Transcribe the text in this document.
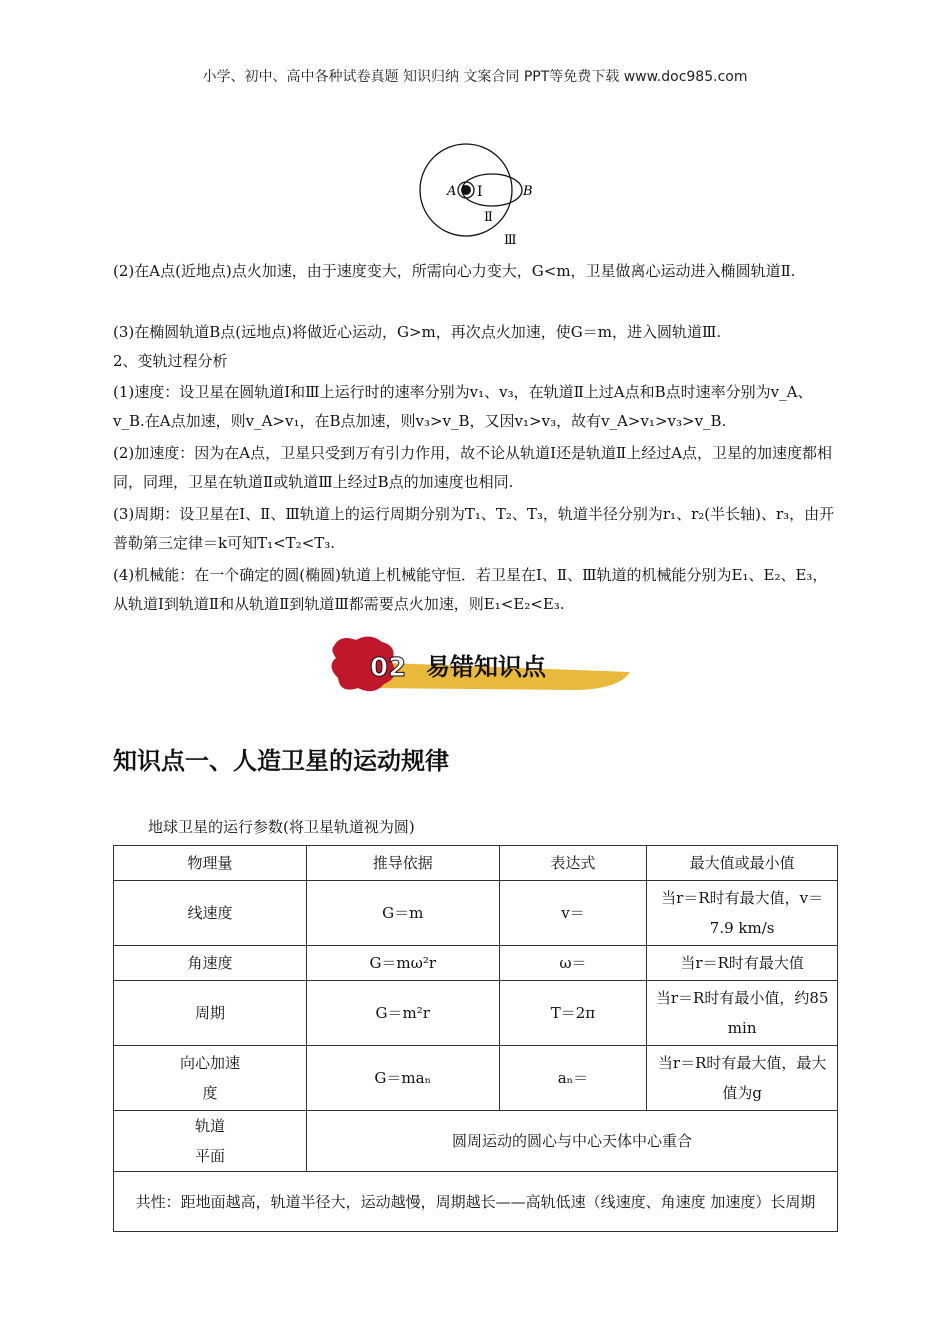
小学、初中、高中各种试卷真题 知识归纳 文案合同 PPT等免费下载 www.doc985.com
A Ⅰ	B
Ⅱ
Ⅲ

(2)在A点(近地点)点火加速，由于速度变大，所需向心力变大，G<m，卫星做离心运动进入椭圆轨道Ⅱ.

(3)在椭圆轨道B点(远地点)将做近心运动，G>m，再次点火加速，使G＝m，进入圆轨道Ⅲ.

2、变轨过程分析

(1)速度：设卫星在圆轨道Ⅰ和Ⅲ上运行时的速率分别为v₁、v₃，在轨道Ⅱ上过A点和B点时速率分别为v_A、v_B.在A点加速，则v_A>v₁，在B点加速，则v₃>v_B，又因v₁>v₃，故有v_A>v₁>v₃>v_B.

(2)加速度：因为在A点，卫星只受到万有引力作用，故不论从轨道Ⅰ还是轨道Ⅱ上经过A点，卫星的加速度都相同，同理，卫星在轨道Ⅱ或轨道Ⅲ上经过B点的加速度也相同.

(3)周期：设卫星在Ⅰ、Ⅱ、Ⅲ轨道上的运行周期分别为T₁、T₂、T₃，轨道半径分别为r₁、r₂(半长轴)、r₃，由开普勒第三定律＝k可知T₁<T₂<T₃.

(4)机械能：在一个确定的圆(椭圆)轨道上机械能守恒．若卫星在Ⅰ、Ⅱ、Ⅲ轨道的机械能分别为E₁、E₂、E₃，从轨道Ⅰ到轨道Ⅱ和从轨道Ⅱ到轨道Ⅲ都需要点火加速，则E₁<E₂<E₃.

02 易错知识点
知识点一、人造卫星的运动规律
地球卫星的运行参数(将卫星轨道视为圆)
物理量	推导依据	表达式	最大值或最小值
线速度	G＝m	v＝	当r＝R时有最大值，v＝7.9 km/s
角速度	G＝mω²r	ω＝	当r＝R时有最大值
周期	G＝m²r	T＝2π	当r＝R时有最小值，约85 min
向心加速度	G＝maₙ	aₙ＝	当r＝R时有最大值，最大值为g
轨道平面	圆周运动的圆心与中心天体中心重合		
共性：距地面越高，轨道半径大，运动越慢，周期越长——高轨低速（线速度、角速度 加速度）长周期			
